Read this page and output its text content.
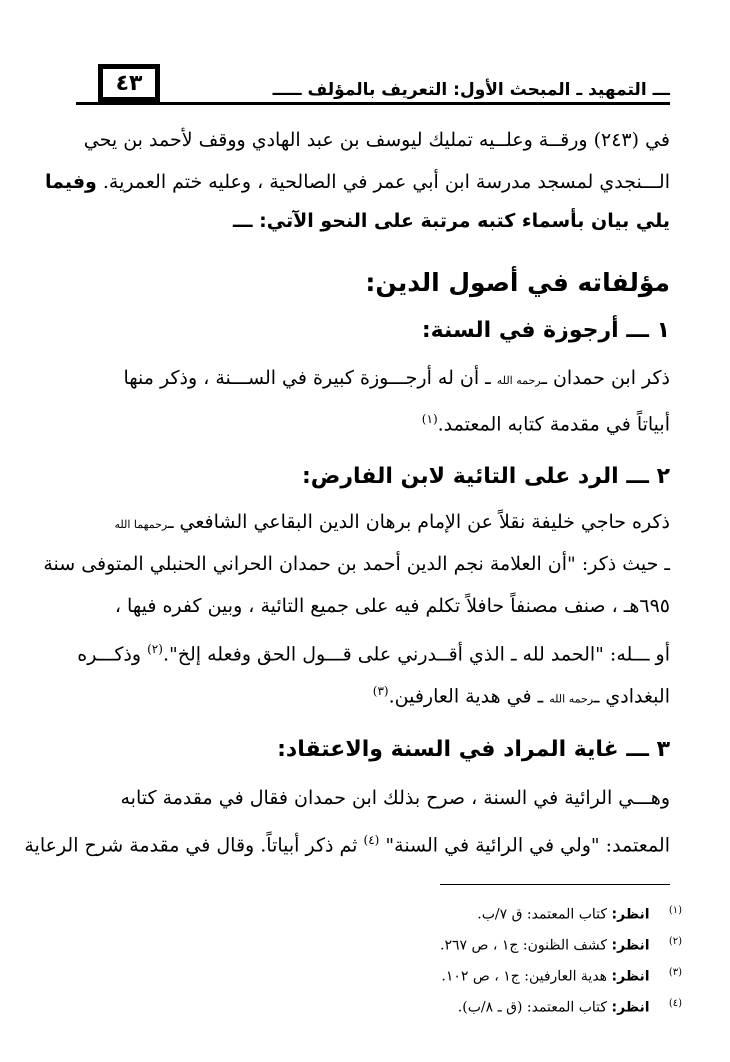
٤٣	ـــ التمهيد ـ المبحث الأول: التعريف بالمؤلف ـــــ
في (٢٤٣) ورقــة وعلــيه تمليك ليوسف بن عبد الهادي ووقف لأحمد بن يحي
الـــنجدي لمسجد مدرسة ابن أبي عمر في الصالحية ، وعليه ختم العمرية. وفيما
يلي بيان بأسماء كتبه مرتبة على النحو الآتي: ـــ
مؤلفاته في أصول الدين:
١ ـــ أرجوزة في السنة:
ذكر ابن حمدان ـرحمه الله ـ أن له أرجـــوزة كبيرة في الســـنة ، وذكر منها
أبياتاً في مقدمة كتابه المعتمد.$^{(١)}$
٢ ـــ الرد على التائية لابن الفارض:
ذكره حاجي خليفة نقلاً عن الإمام برهان الدين البقاعي الشافعي ـرحمهما الله
ـ حيث ذكر: "أن العلامة نجم الدين أحمد بن حمدان الحراني الحنبلي المتوفى سنة
٦٩٥هـ ، صنف مصنفاً حافلاً تكلم فيه على جميع التائية ، وبين كفره فيها ،
أو ـــله: "الحمد لله ـ الذي أقــدرني على قـــول الحق وفعله إلخ".$^{(٢)}$ وذكـــره
البغدادي ـرحمه الله ـ في هدية العارفين.$^{(٣)}$
٣ ـــ غاية المراد في السنة والاعتقاد:
وهـــي الرائية في السنة ، صرح بذلك ابن حمدان فقال في مقدمة كتابه
المعتمد: "ولي في الرائية في السنة" $^{(٤)}$ ثم ذكر أبياتاً. وقال في مقدمة شرح الرعاية
(١) انظر: كتاب المعتمد: ق ٧/ب.
(٢) انظر: كشف الظنون: ج١ ، ص ٢٦٧.
(٣) انظر: هدية العارفين: ج١ ، ص ١٠٢.
(٤) انظر: كتاب المعتمد: (ق ـ ٨/ب).
